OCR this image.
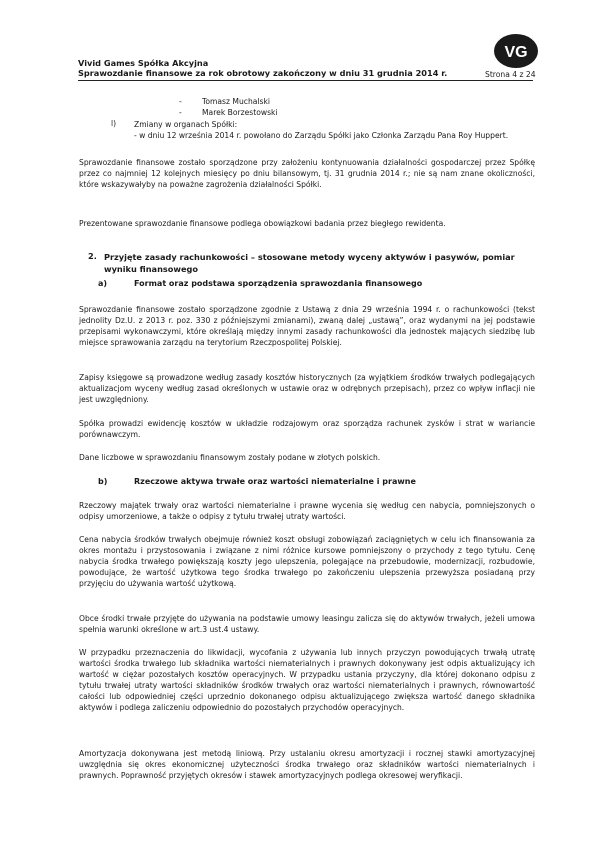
Vivid Games Spółka Akcyjna
Sprawozdanie finansowe za rok obrotowy zakończony w dniu 31 grudnia 2014 r.	Strona 4 z 24
VG
-	Tomasz Muchalski
-	Marek Borzestowski
l) Zmiany w organach Spółki:
- w dniu 12 września 2014 r. powołano do Zarządu Spółki jako Członka Zarządu Pana Roy Huppert.
Sprawozdanie finansowe zostało sporządzone przy założeniu kontynuowania działalności gospodarczej przez Spółkę przez co najmniej 12 kolejnych miesięcy po dniu bilansowym, tj. 31 grudnia 2014 r.; nie są nam znane okoliczności, które wskazywałyby na poważne zagrożenia działalności Spółki.
Prezentowane sprawozdanie finansowe podlega obowiązkowi badania przez biegłego rewidenta.
2. Przyjęte zasady rachunkowości – stosowane metody wyceny aktywów i pasywów, pomiar wyniku finansowego
a)	Format oraz podstawa sporządzenia sprawozdania finansowego
Sprawozdanie finansowe zostało sporządzone zgodnie z Ustawą z dnia 29 września 1994 r. o rachunkowości (tekst jednolity Dz.U. z 2013 r. poz. 330 z późniejszymi zmianami), zwaną dalej „ustawą”, oraz wydanymi na jej podstawie przepisami wykonawczymi, które określają między innymi zasady rachunkowości dla jednostek mających siedzibę lub miejsce sprawowania zarządu na terytorium Rzeczpospolitej Polskiej.
Zapisy księgowe są prowadzone według zasady kosztów historycznych (za wyjątkiem środków trwałych podlegających aktualizacjom wyceny według zasad określonych w ustawie oraz w odrębnych przepisach), przez co wpływ inflacji nie jest uwzględniony.
Spółka prowadzi ewidencję kosztów w układzie rodzajowym oraz sporządza rachunek zysków i strat w wariancie porównawczym.
Dane liczbowe w sprawozdaniu finansowym zostały podane w złotych polskich.
b)	Rzeczowe aktywa trwałe oraz wartości niematerialne i prawne
Rzeczowy majątek trwały oraz wartości niematerialne i prawne wycenia się według cen nabycia, pomniejszonych o odpisy umorzeniowe, a także o odpisy z tytułu trwałej utraty wartości.
Cena nabycia środków trwałych obejmuje również koszt obsługi zobowiązań zaciągniętych w celu ich finansowania za okres montażu i przystosowania i związane z nimi różnice kursowe pomniejszony o przychody z tego tytułu. Cenę nabycia środka trwałego powiększają koszty jego ulepszenia, polegające na przebudowie, modernizacji, rozbudowie, powodujące, że wartość użytkowa tego środka trwałego po zakończeniu ulepszenia przewyższa posiadaną przy przyjęciu do używania wartość użytkową.
Obce środki trwałe przyjęte do używania na podstawie umowy leasingu zalicza się do aktywów trwałych, jeżeli umowa spełnia warunki określone w art.3 ust.4 ustawy.
W przypadku przeznaczenia do likwidacji, wycofania z używania lub innych przyczyn powodujących trwałą utratę wartości środka trwałego lub składnika wartości niematerialnych i prawnych dokonywany jest odpis aktualizujący ich wartość w ciężar pozostałych kosztów operacyjnych. W przypadku ustania przyczyny, dla której dokonano odpisu z tytułu trwałej utraty wartości składników środków trwałych oraz wartości niematerialnych i prawnych, równowartość całości lub odpowiedniej części uprzednio dokonanego odpisu aktualizującego zwiększa wartość danego składnika aktywów i podlega zaliczeniu odpowiednio do pozostałych przychodów operacyjnych.
Amortyzacja dokonywana jest metodą liniową. Przy ustalaniu okresu amortyzacji i rocznej stawki amortyzacyjnej uwzględnia się okres ekonomicznej użyteczności środka trwałego oraz składników wartości niematerialnych i prawnych. Poprawność przyjętych okresów i stawek amortyzacyjnych podlega okresowej weryfikacji.
